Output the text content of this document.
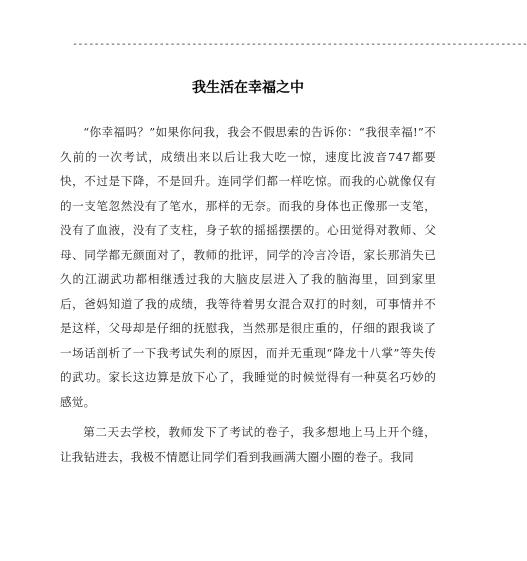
------------------------------------------------------------------------------------
我生活在幸福之中

“你幸福吗？”如果你问我，我会不假思索的告诉你：“我很幸福!”不久前的一次考试，成绩出来以后让我大吃一惊，速度比波音747都要快，不过是下降，不是回升。连同学们都一样吃惊。而我的心就像仅有的一支笔忽然没有了笔水，那样的无奈。而我的身体也正像那一支笔，没有了血液，没有了支柱，身子软的摇摇摆摆的。心田觉得对教师、父母、同学都无颜面对了，教师的批评，同学的冷言冷语，家长那消失已久的江湖武功都相继透过我的大脑皮层进入了我的脑海里，回到家里后，爸妈知道了我的成绩，我等待着男女混合双打的时刻，可事情并不是这样，父母却是仔细的抚慰我，当然那是很庄重的，仔细的跟我谈了一场话剖析了一下我考试失利的原因，而并无重现“降龙十八掌”等失传的武功。家长这边算是放下心了，我睡觉的时候觉得有一种莫名巧妙的感觉。

第二天去学校，教师发下了考试的卷子，我多想地上马上开个缝，让我钻进去，我极不情愿让同学们看到我画满大圈小圈的卷子。我同
